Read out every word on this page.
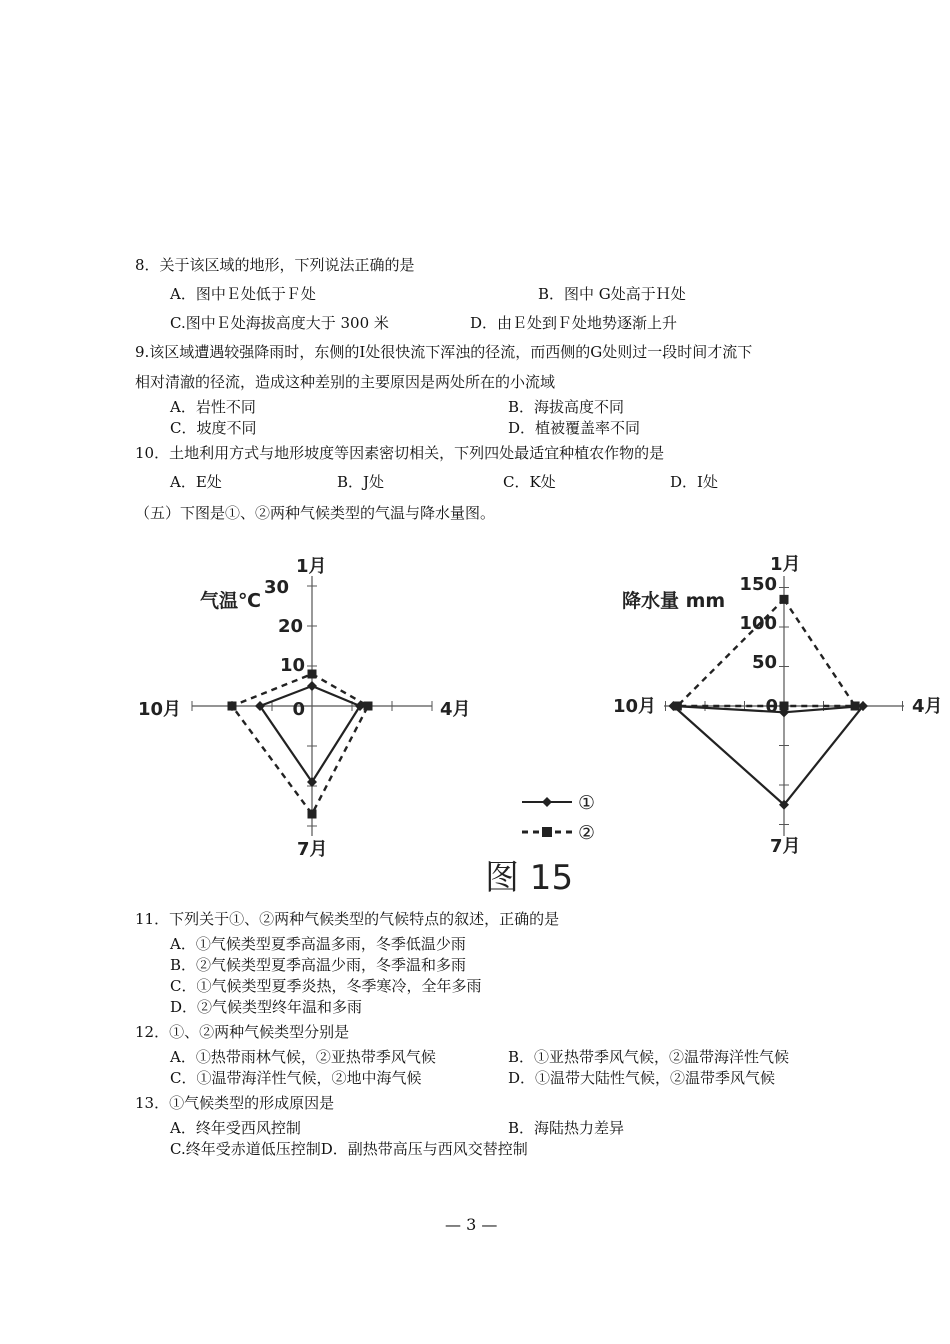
8．关于该区域的地形，下列说法正确的是
A．图中Ｅ处低于Ｆ处	B．图中 G处高于Ｈ处
C.图中Ｅ处海拔高度大于 300 米	D．由Ｅ处到Ｆ处地势逐渐上升
9.该区域遭遇较强降雨时，东侧的I处很快流下浑浊的径流，而西侧的G处则过一段时间才流下
相对清澈的径流，造成这种差别的主要原因是两处所在的小流域
A．岩性不同	B．海拔高度不同
C．坡度不同	D．植被覆盖率不同
10．土地利用方式与地形坡度等因素密切相关，下列四处最适宜种植农作物的是
A．E处	B．J处	C．K处	D．I处
（五）下图是①、②两种气候类型的气温与降水量图。
气温℃
1月
4月
7月
10月
30
20
10
0
降水量 mm
1月
4月
7月
10月
150
100
50
0
①
②
图 15
11．下列关于①、②两种气候类型的气候特点的叙述，正确的是
A．①气候类型夏季高温多雨，冬季低温少雨
B．②气候类型夏季高温少雨，冬季温和多雨
C．①气候类型夏季炎热，冬季寒冷，全年多雨
D．②气候类型终年温和多雨
12．①、②两种气候类型分别是
A．①热带雨林气候，②亚热带季风气候	B．①亚热带季风气候，②温带海洋性气候
C．①温带海洋性气候，②地中海气候	D．①温带大陆性气候，②温带季风气候
13．①气候类型的形成原因是
A．终年受西风控制	B．海陆热力差异
C.终年受赤道低压控制D．副热带高压与西风交替控制
— 3 —
